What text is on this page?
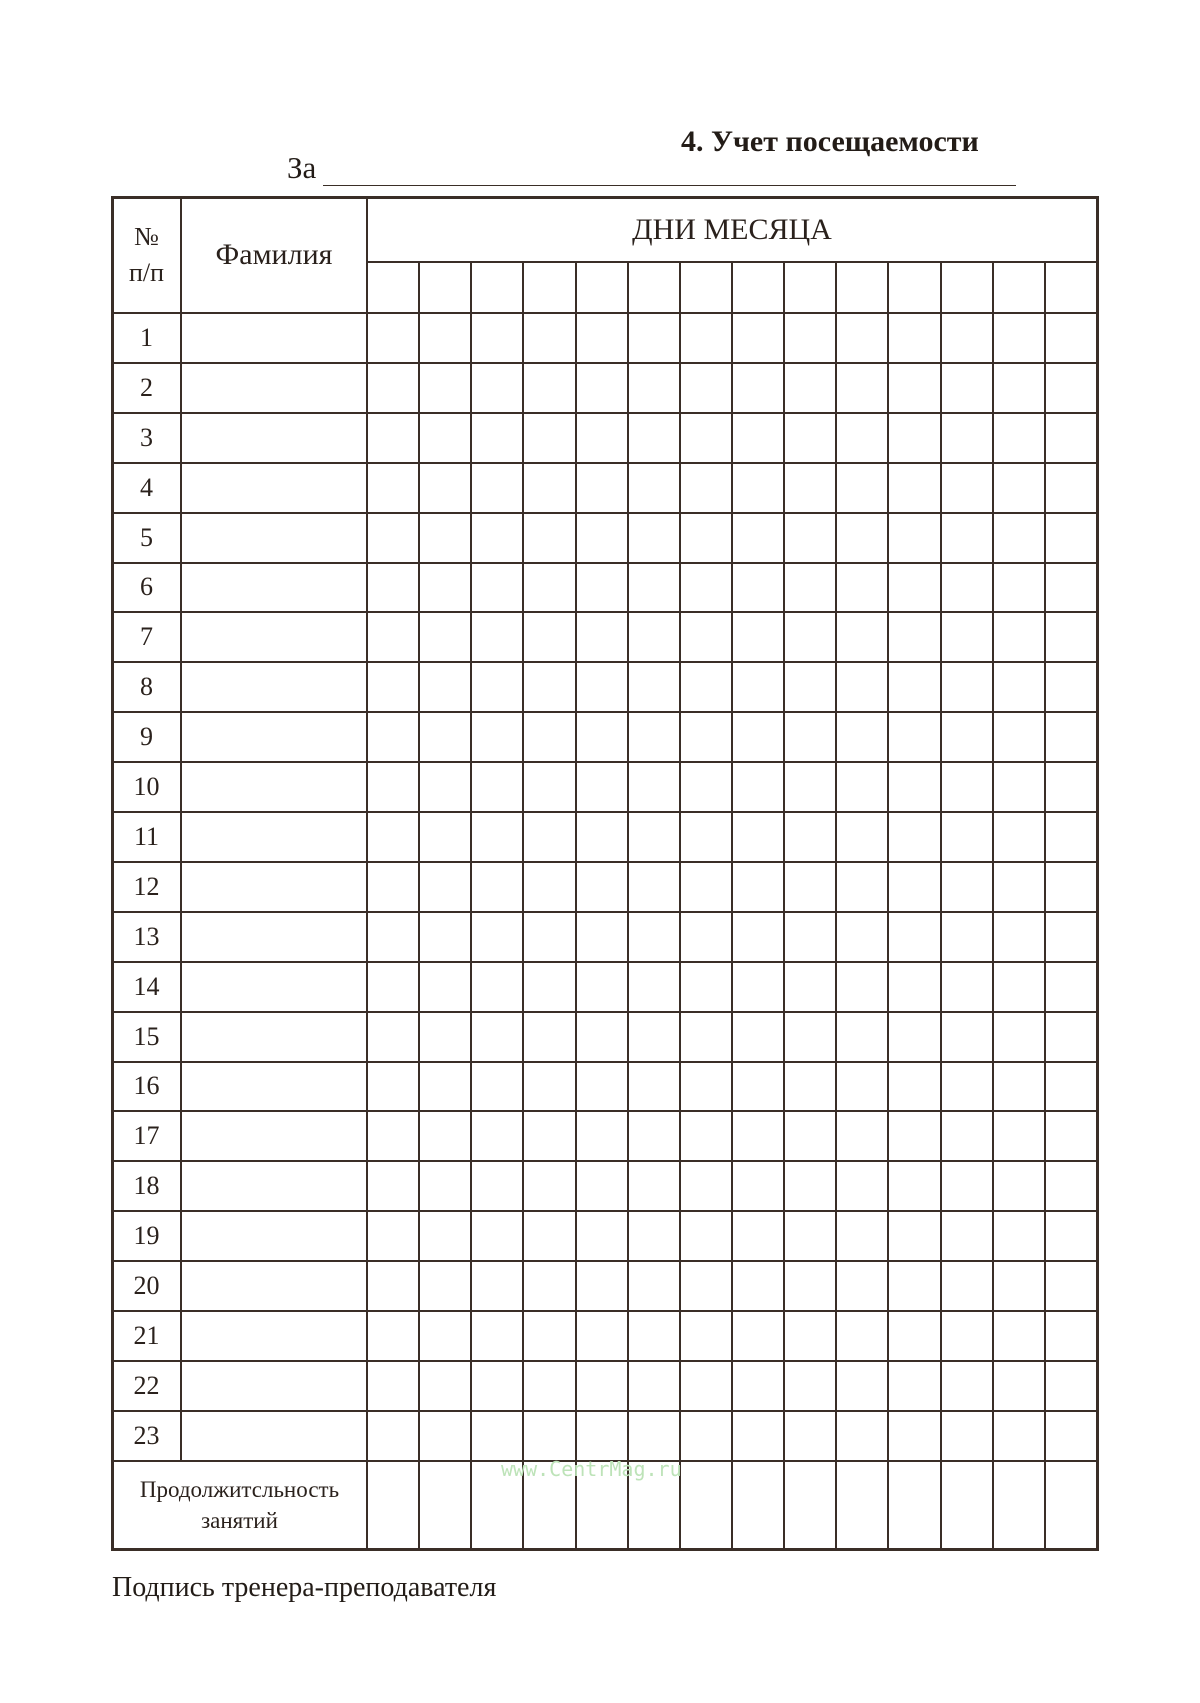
4. Учет посещаемости
За
№
п/п
Фамилия
ДНИ МЕСЯЦА
Продолжитсльность
занятий
1
2
3
4
5
6
7
8
9
10
11
12
13
14
15
16
17
18
19
20
21
22
23
www.CentrMag.ru
Подпись тренера-преподавателя
